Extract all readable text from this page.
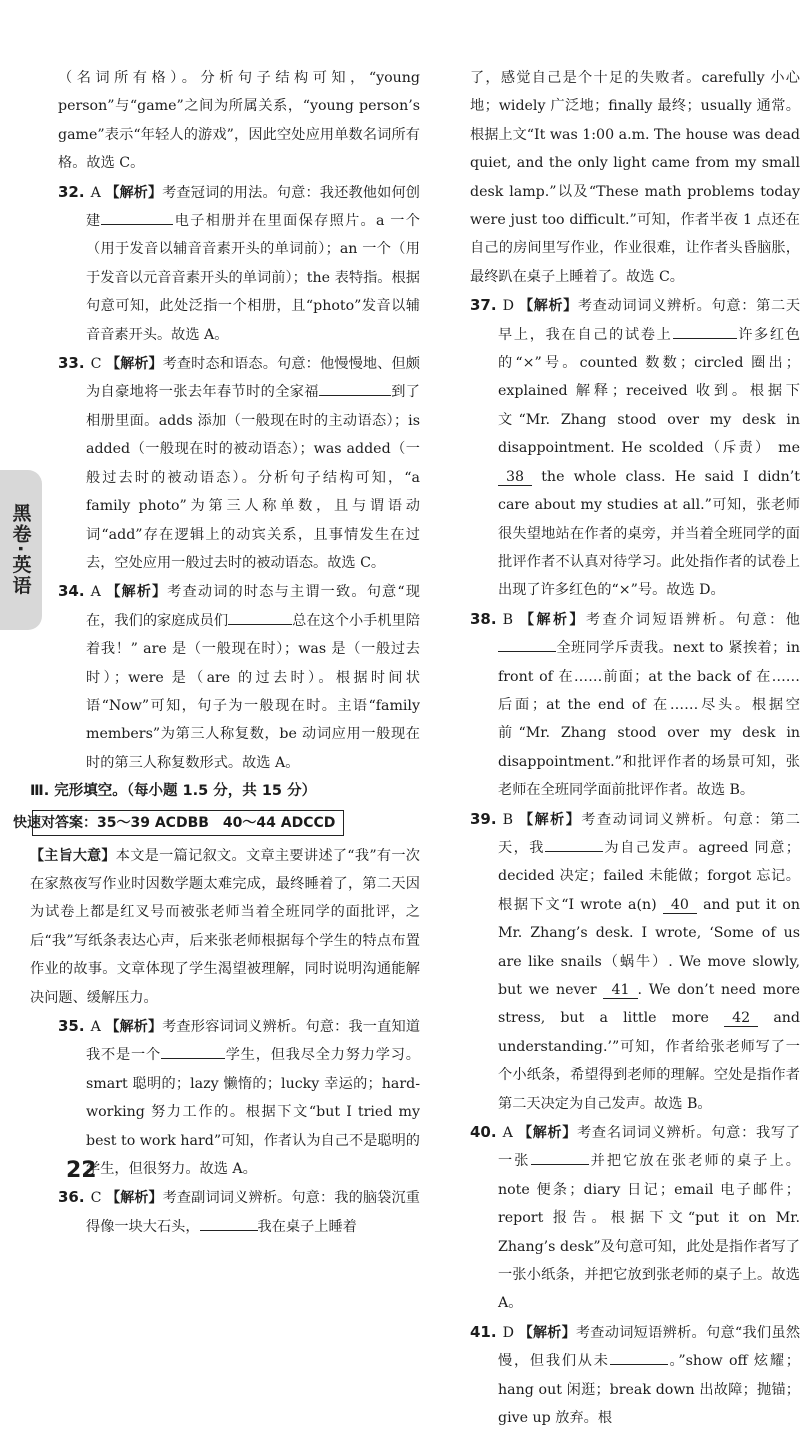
黑卷·英语

（名词所有格）。分析句子结构可知，“young person”与“game”之间为所属关系，“young person’s game”表示“年轻人的游戏”，因此空处应用单数名词所有格。故选 C。

32. A 【解析】考查冠词的用法。句意：我还教他如何创建	电子相册并在里面保存照片。a 一个（用于发音以辅音音素开头的单词前）；an 一个（用于发音以元音音素开头的单词前）；the 表特指。根据句意可知，此处泛指一个相册，且“photo”发音以辅音音素开头。故选 A。

33. C 【解析】考查时态和语态。句意：他慢慢地、但颇为自豪地将一张去年春节时的全家福	到了相册里面。adds 添加（一般现在时的主动语态）；is added（一般现在时的被动语态）；was added（一般过去时的被动语态）。分析句子结构可知，“a family photo”为第三人称单数，且与谓语动词“add”存在逻辑上的动宾关系，且事情发生在过去，空处应用一般过去时的被动语态。故选 C。

34. A 【解析】考查动词的时态与主谓一致。句意“现在，我们的家庭成员们	总在这个小手机里陪着我！” are 是（一般现在时）；was 是（一般过去时）；were 是（are 的过去时）。根据时间状语“Now”可知，句子为一般现在时。主语“family members”为第三人称复数，be 动词应用一般现在时的第三人称复数形式。故选 A。

Ⅲ. 完形填空。（每小题 1.5 分，共 15 分）

快速对答案：35～39 ACDBB　40～44 ADCCD

【主旨大意】本文是一篇记叙文。文章主要讲述了“我”有一次在家熬夜写作业时因数学题太难完成，最终睡着了，第二天因为试卷上都是红叉号而被张老师当着全班同学的面批评，之后“我”写纸条表达心声，后来张老师根据每个学生的特点布置作业的故事。文章体现了学生渴望被理解，同时说明沟通能解决问题、缓解压力。

35. A 【解析】考查形容词词义辨析。句意：我一直知道我不是一个	学生，但我尽全力努力学习。smart 聪明的；lazy 懒惰的；lucky 幸运的；hard-working 努力工作的。根据下文“but I tried my best to work hard”可知，作者认为自己不是聪明的学生，但很努力。故选 A。

36. C 【解析】考查副词词义辨析。句意：我的脑袋沉重得像一块大石头，	我在桌子上睡着

了，感觉自己是个十足的失败者。carefully 小心地；widely 广泛地；finally 最终；usually 通常。根据上文“It was 1:00 a.m. The house was dead quiet, and the only light came from my small desk lamp.”以及“These math problems today were just too difficult.”可知，作者半夜 1 点还在自己的房间里写作业，作业很难，让作者头昏脑胀，最终趴在桌子上睡着了。故选 C。

37. D 【解析】考查动词词义辨析。句意：第二天早上，我在自己的试卷上	许多红色的“×”号。counted 数数；circled 圈出；explained 解释；received 收到。根据下文“Mr. Zhang stood over my desk in disappointment. He scolded（斥责） me 38 the whole class. He said I didn’t care about my studies at all.”可知，张老师很失望地站在作者的桌旁，并当着全班同学的面批评作者不认真对待学习。此处指作者的试卷上出现了许多红色的“×”号。故选 D。

38. B 【解析】考查介词短语辨析。句意：他全班同学斥责我。next to 紧挨着；in front of 在……前面；at the back of 在……后面；at the end of 在……尽头。根据空前“Mr. Zhang stood over my desk in disappointment.”和批评作者的场景可知，张老师在全班同学面前批评作者。故选 B。

39. B 【解析】考查动词词义辨析。句意：第二天，我	为自己发声。agreed 同意；decided 决定；failed 未能做；forgot 忘记。根据下文“I wrote a(n) 40 and put it on Mr. Zhang’s desk. I wrote, ‘Some of us are like snails（蜗牛）. We move slowly, but we never 41 . We don’t need more stress, but a little more 42 and understanding.’”可知，作者给张老师写了一个小纸条，希望得到老师的理解。空处是指作者第二天决定为自己发声。故选 B。

40. A 【解析】考查名词词义辨析。句意：我写了一张	并把它放在张老师的桌子上。note 便条；diary 日记；email 电子邮件；report 报告。根据下文“put it on Mr. Zhang’s desk”及句意可知，此处是指作者写了一张小纸条，并把它放到张老师的桌子上。故选 A。

41. D 【解析】考查动词短语辨析。句意“我们虽然慢，但我们从未	。”show off 炫耀；hang out 闲逛；break down 出故障；抛锚；give up 放弃。根

22
